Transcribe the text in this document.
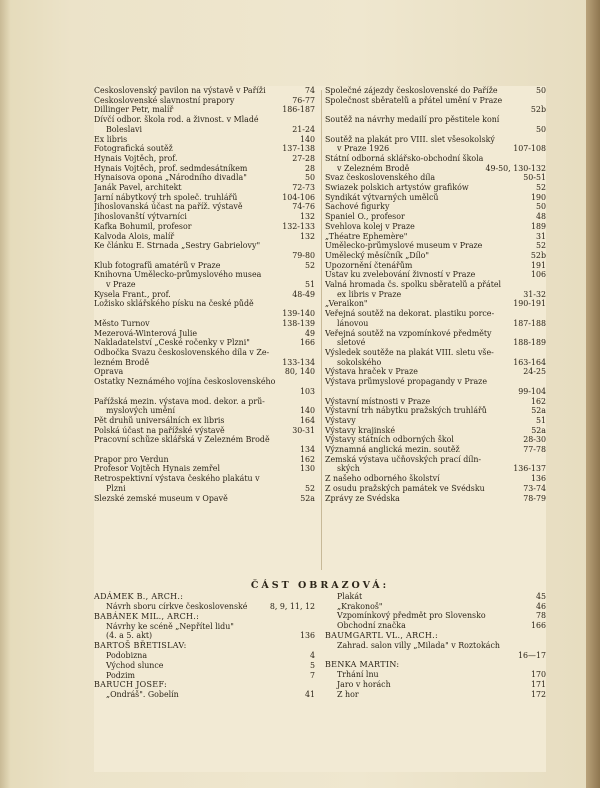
Československý pavilon na výstavě v Paříži	74
Československé slavnostní prapory	76-77
Dillinger Petr, malíř	186-187
Dívčí odbor. škola rod. a živnost. v Mladé
Boleslavi	21-24
Ex libris	140
Fotografická soutěž	137-138
Hynais Vojtěch, prof.	27-28
Hynais Vojtěch, prof. sedmdesátníkem	28
Hynaisova opona „Národního divadla"	50
Janák Pavel, architekt	72-73
Jarní nábytkový trh společ. truhlářů	104-106
Jihoslovanská účast na paříž. výstavě	74-76
Jihoslovanští výtvarníci	132
Kafka Bohumil, profesor	132-133
Kalvoda Alois, malíř	132
Ke článku E. Strnada „Sestry Gabrielovy"

79-80
Klub fotografů amatérů v Praze	52
Knihovna Umělecko-průmyslového musea
v Praze	51
Kysela Frant., prof.	48-49
Ložisko sklářského písku na české půdě

139-140
Město Turnov	138-139
Mezerová-Winterová Julie	49
Nakladatelství „České ročenky v Plzni"	166
Odbočka Svazu československého díla v Že-
lezném Brodě	133-134
Oprava	80, 140
Ostatky Neznámého vojína československého

103
Pařížská mezin. výstava mod. dekor. a prů-
myslových umění	140
Pět druhů universálních ex libris	164
Polská účast na pařížské výstavě	30-31
Pracovní schůze sklářská v Železném Brodě

134
Prapor pro Verdun	162
Profesor Vojtěch Hynais zemřel	130
Retrospektivní výstava českého plakátu v
Plzni	52
Slezské zemské museum v Opavě	52a
Společné zájezdy československé do Paříže	50
Společnost sběratelů a přátel umění v Praze

52b
Soutěž na návrhy medailí pro pěstitele koní

50
Soutěž na plakát pro VIII. slet všesokolský
v Praze 1926	107-108
Státní odborná sklářsko-obchodní škola
v Železném Brodě	49-50, 130-132
Svaz československého díla	50-51
Swiazek polskich artystów grafików	52
Syndikát výtvarných umělců	190
Šachové figurky	50
Španiel O., profesor	48
Švehlova kolej v Praze	189
„Théatre Ephemère"	31
Umělecko-průmyslové museum v Praze	52
Umělecký měsíčník „Dílo"	52b
Upozornění čtenářům	191
Ústav ku zvelebování živností v Praze	106
Valná hromada čs. spolku sběratelů a přátel
ex libris v Praze	31-32
„Veraikon"	190-191
Veřejná soutěž na dekorat. plastiku porce-
lánovou	187-188
Veřejná soutěž na vzpomínkové předměty
sletové	188-189
Výsledek soutěže na plakát VIII. sletu vše-
sokolského	163-164
Výstava hraček v Praze	24-25
Výstava průmyslové propagandy v Praze

99-104
Výstavní místnosti v Praze	162
Výstavní trh nábytku pražských truhlářů	52a
Výstavy	51
Výstavy krajinské	52a
Výstavy státních odborných škol	28-30
Významná anglická mezin. soutěž	77-78
Zemská výstava učňovských prací díln-
ských	136-137
Z našeho odborného školství	136
Z osudu pražských památek ve Švédsku	73-74
Zprávy ze Švédska	78-79
ČÁST OBRAZOVÁ:
ADÁMEK B., ARCH.:
Návrh sboru církve československé	8, 9, 11, 12
BABÁNEK MIL., ARCH.:
Návrhy ke scéně „Nepřítel lidu"
(4. a 5. akt)	136
BARTOŠ BŘETISLAV:
Podobizna	4
Východ slunce	5
Podzim	7
BARUCH JOSEF:
„Ondráš". Gobelín	41
Plakát	45
„Krakonoš"	46
Vzpomínkový předmět pro Slovensko	78
Obchodní značka	166
BAUMGARTL VL., ARCH.:
Zahrad. salon villy „Milada" v Roztokách

16—17
BENKA MARTIN:
Trhání lnu	170
Jaro v horách	171
Z hor	172
